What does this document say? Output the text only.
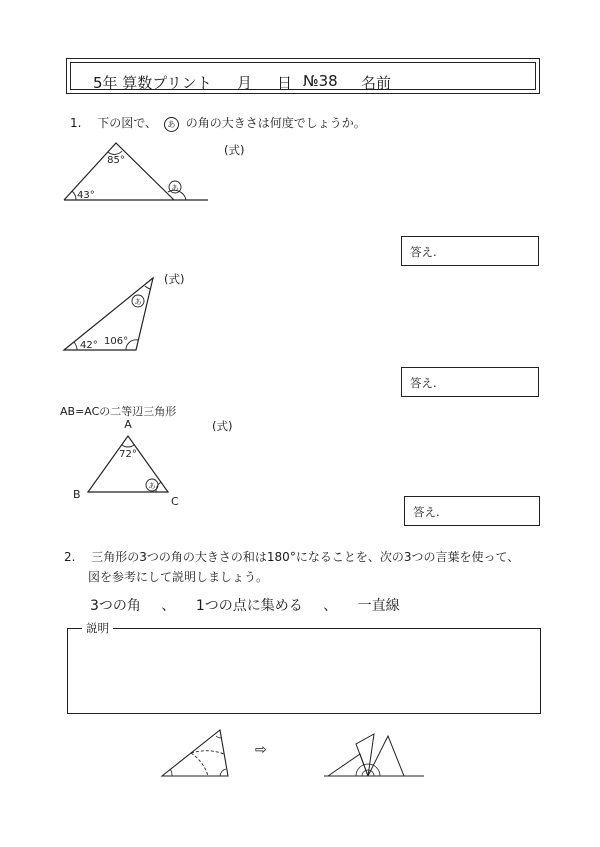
5年 算数プリント 月 日 №38 名前
1. 下の図で、 あ の角の大きさは何度でしょうか。
85°
43°
あ
(式)
答え.
あ
42° 106°
(式)
答え.
AB=ACの二等辺三角形
あ
72°
A
B
C
(式)
答え.
2. 三角形の3つの角の大きさの和は180°になることを、次の3つの言葉を使って、
図を参考にして説明しましょう。
3つの角 、 1つの点に集める 、 一直線
説明
⇨
